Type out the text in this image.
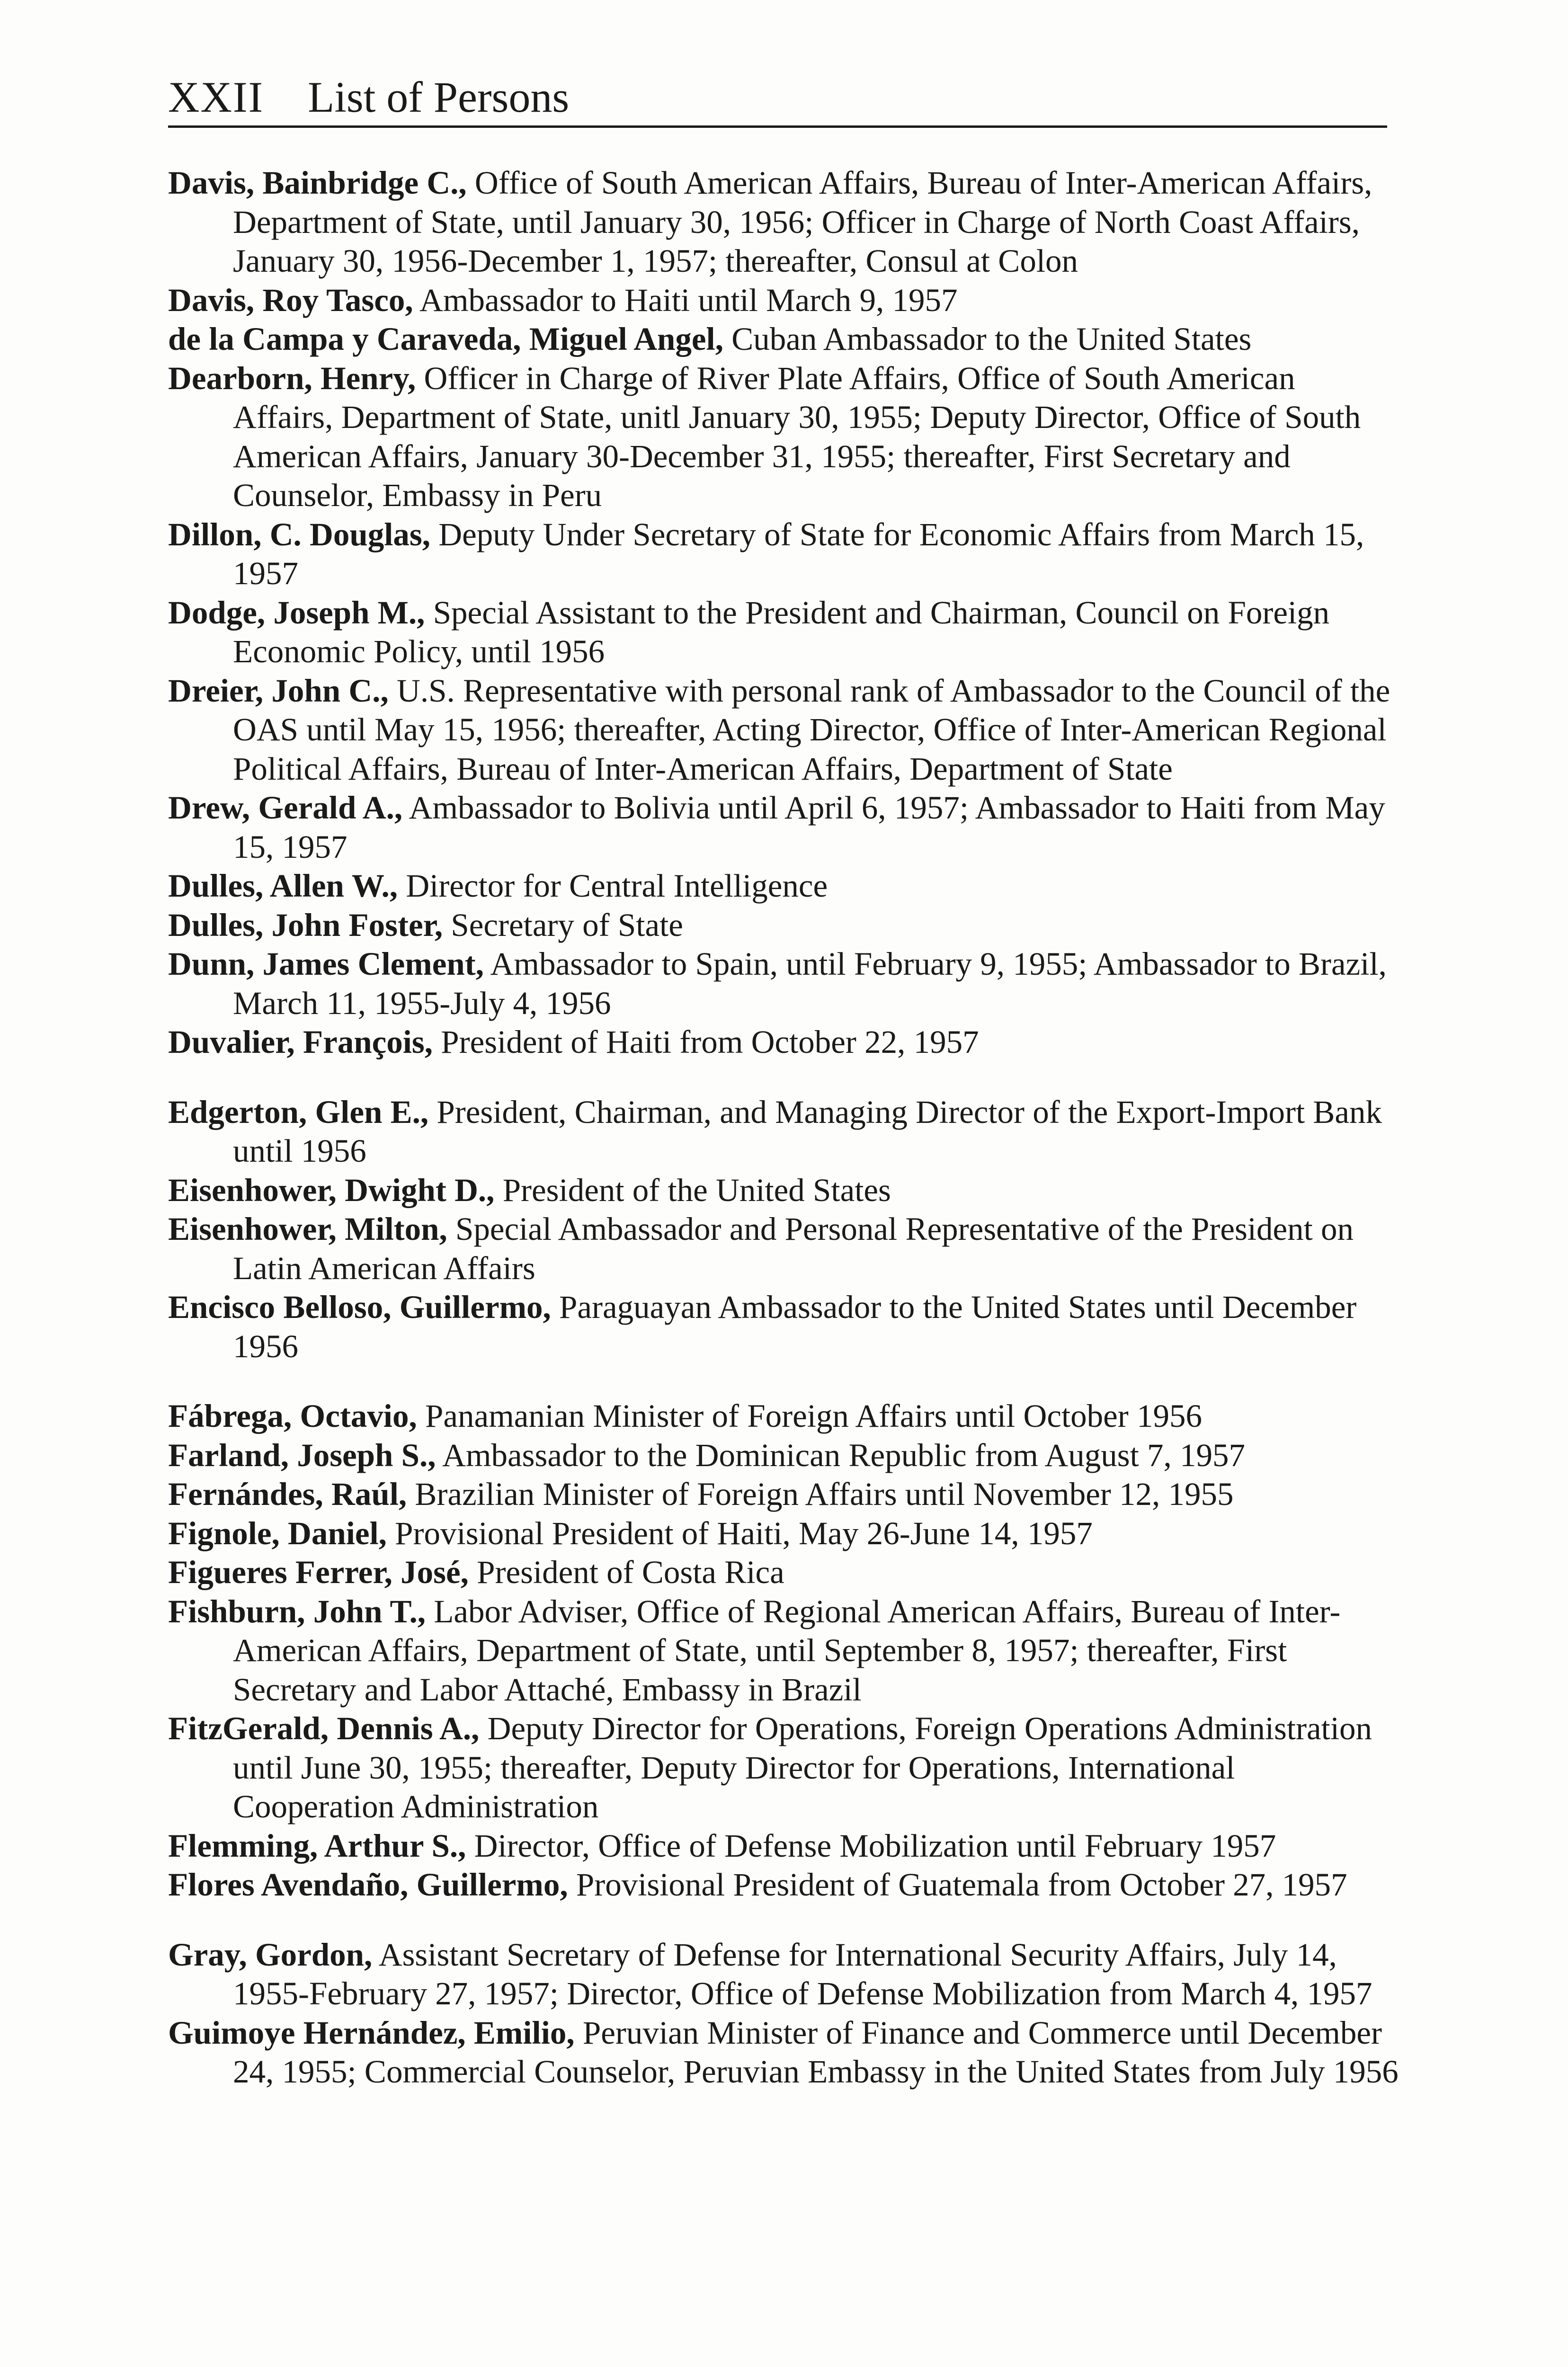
XXII List of Persons

Davis, Bainbridge C., Office of South American Affairs, Bureau of Inter-American Affairs, Department of State, until January 30, 1956; Officer in Charge of North Coast Affairs, January 30, 1956-December 1, 1957; thereafter, Consul at Colon

Davis, Roy Tasco, Ambassador to Haiti until March 9, 1957

de la Campa y Caraveda, Miguel Angel, Cuban Ambassador to the United States

Dearborn, Henry, Officer in Charge of River Plate Affairs, Office of South American Affairs, Department of State, unitl January 30, 1955; Deputy Director, Office of South American Affairs, January 30-December 31, 1955; thereafter, First Secretary and Counselor, Embassy in Peru

Dillon, C. Douglas, Deputy Under Secretary of State for Economic Affairs from March 15, 1957

Dodge, Joseph M., Special Assistant to the President and Chairman, Council on Foreign Economic Policy, until 1956

Dreier, John C., U.S. Representative with personal rank of Ambassador to the Council of the OAS until May 15, 1956; thereafter, Acting Director, Office of Inter-American Regional Political Affairs, Bureau of Inter-American Affairs, Department of State

Drew, Gerald A., Ambassador to Bolivia until April 6, 1957; Ambassador to Haiti from May 15, 1957

Dulles, Allen W., Director for Central Intelligence

Dulles, John Foster, Secretary of State

Dunn, James Clement, Ambassador to Spain, until February 9, 1955; Ambassador to Brazil, March 11, 1955-July 4, 1956

Duvalier, François, President of Haiti from October 22, 1957

Edgerton, Glen E., President, Chairman, and Managing Director of the Export-Import Bank until 1956

Eisenhower, Dwight D., President of the United States

Eisenhower, Milton, Special Ambassador and Personal Representative of the President on Latin American Affairs

Encisco Belloso, Guillermo, Paraguayan Ambassador to the United States until December 1956

Fábrega, Octavio, Panamanian Minister of Foreign Affairs until October 1956

Farland, Joseph S., Ambassador to the Dominican Republic from August 7, 1957

Fernándes, Raúl, Brazilian Minister of Foreign Affairs until November 12, 1955

Fignole, Daniel, Provisional President of Haiti, May 26-June 14, 1957

Figueres Ferrer, José, President of Costa Rica

Fishburn, John T., Labor Adviser, Office of Regional American Affairs, Bureau of Inter-American Affairs, Department of State, until September 8, 1957; thereafter, First Secretary and Labor Attaché, Embassy in Brazil

FitzGerald, Dennis A., Deputy Director for Operations, Foreign Operations Administration until June 30, 1955; thereafter, Deputy Director for Operations, International Cooperation Administration

Flemming, Arthur S., Director, Office of Defense Mobilization until February 1957

Flores Avendaño, Guillermo, Provisional President of Guatemala from October 27, 1957

Gray, Gordon, Assistant Secretary of Defense for International Security Affairs, July 14, 1955-February 27, 1957; Director, Office of Defense Mobilization from March 4, 1957

Guimoye Hernández, Emilio, Peruvian Minister of Finance and Commerce until December 24, 1955; Commercial Counselor, Peruvian Embassy in the United States from July 1956
